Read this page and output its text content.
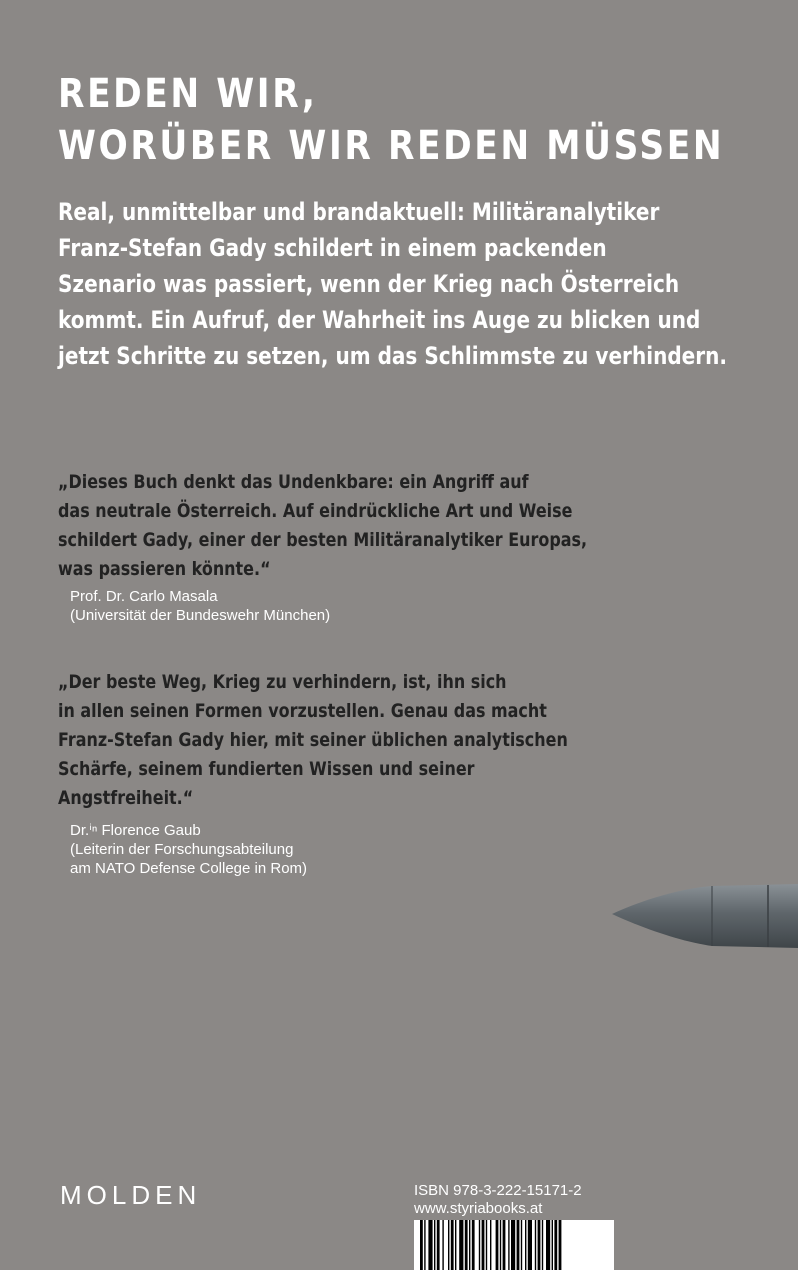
REDEN WIR,
WORÜBER WIR REDEN MÜSSEN

Real, unmittelbar und brandaktuell: Militäranalytiker
Franz-Stefan Gady schildert in einem packenden
Szenario was passiert, wenn der Krieg nach Österreich
kommt. Ein Aufruf, der Wahrheit ins Auge zu blicken und
jetzt Schritte zu setzen, um das Schlimmste zu verhindern.

„Dieses Buch denkt das Undenkbare: ein Angriff auf
das neutrale Österreich. Auf eindrückliche Art und Weise
schildert Gady, einer der besten Militäranalytiker Europas,
was passieren könnte.“

Prof. Dr. Carlo Masala
(Universität der Bundeswehr München)

„Der beste Weg, Krieg zu verhindern, ist, ihn sich
in allen seinen Formen vorzustellen. Genau das macht
Franz-Stefan Gady hier, mit seiner üblichen analytischen
Schärfe, seinem fundierten Wissen und seiner
Angstfreiheit.“

Dr.ⁱⁿ Florence Gaub
(Leiterin der Forschungsabteilung
am NATO Defense College in Rom)

MOLDEN	ISBN 978-3-222-15171-2
www.styriabooks.at
